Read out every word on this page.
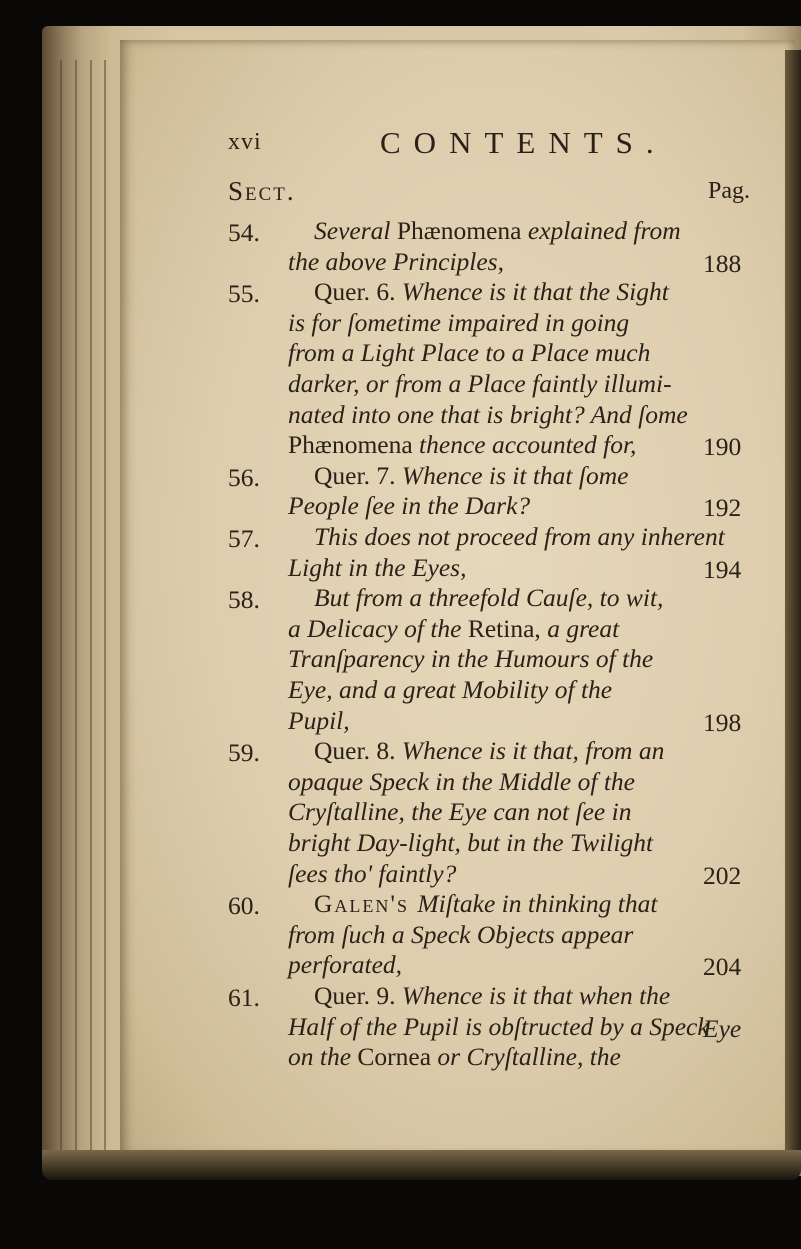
xvi	CONTENTS.
Sect.	Pag.
54. Several Phænomena explained from
the above Principles,	188
55. Quer. 6. Whence is it that the Sight
is for ſometime impaired in going
from a Light Place to a Place much
darker, or from a Place faintly illumi-
nated into one that is bright? And ſome
Phænomena thence accounted for,	190
56. Quer. 7. Whence is it that ſome
People ſee in the Dark?	192
57. This does not proceed from any inherent
Light in the Eyes,	194
58. But from a threefold Cauſe, to wit,
a Delicacy of the Retina, a great
Tranſparency in the Humours of the
Eye, and a great Mobility of the
Pupil,	198
59. Quer. 8. Whence is it that, from an
opaque Speck in the Middle of the
Cryſtalline, the Eye can not ſee in
bright Day-light, but in the Twilight
ſees tho' faintly?	202
60. Galen's Miſtake in thinking that
from ſuch a Speck Objects appear
perforated,	204
61. Quer. 9. Whence is it that when the
Half of the Pupil is obſtructed by a Speck
on the Cornea or Cryſtalline, the
Eye
